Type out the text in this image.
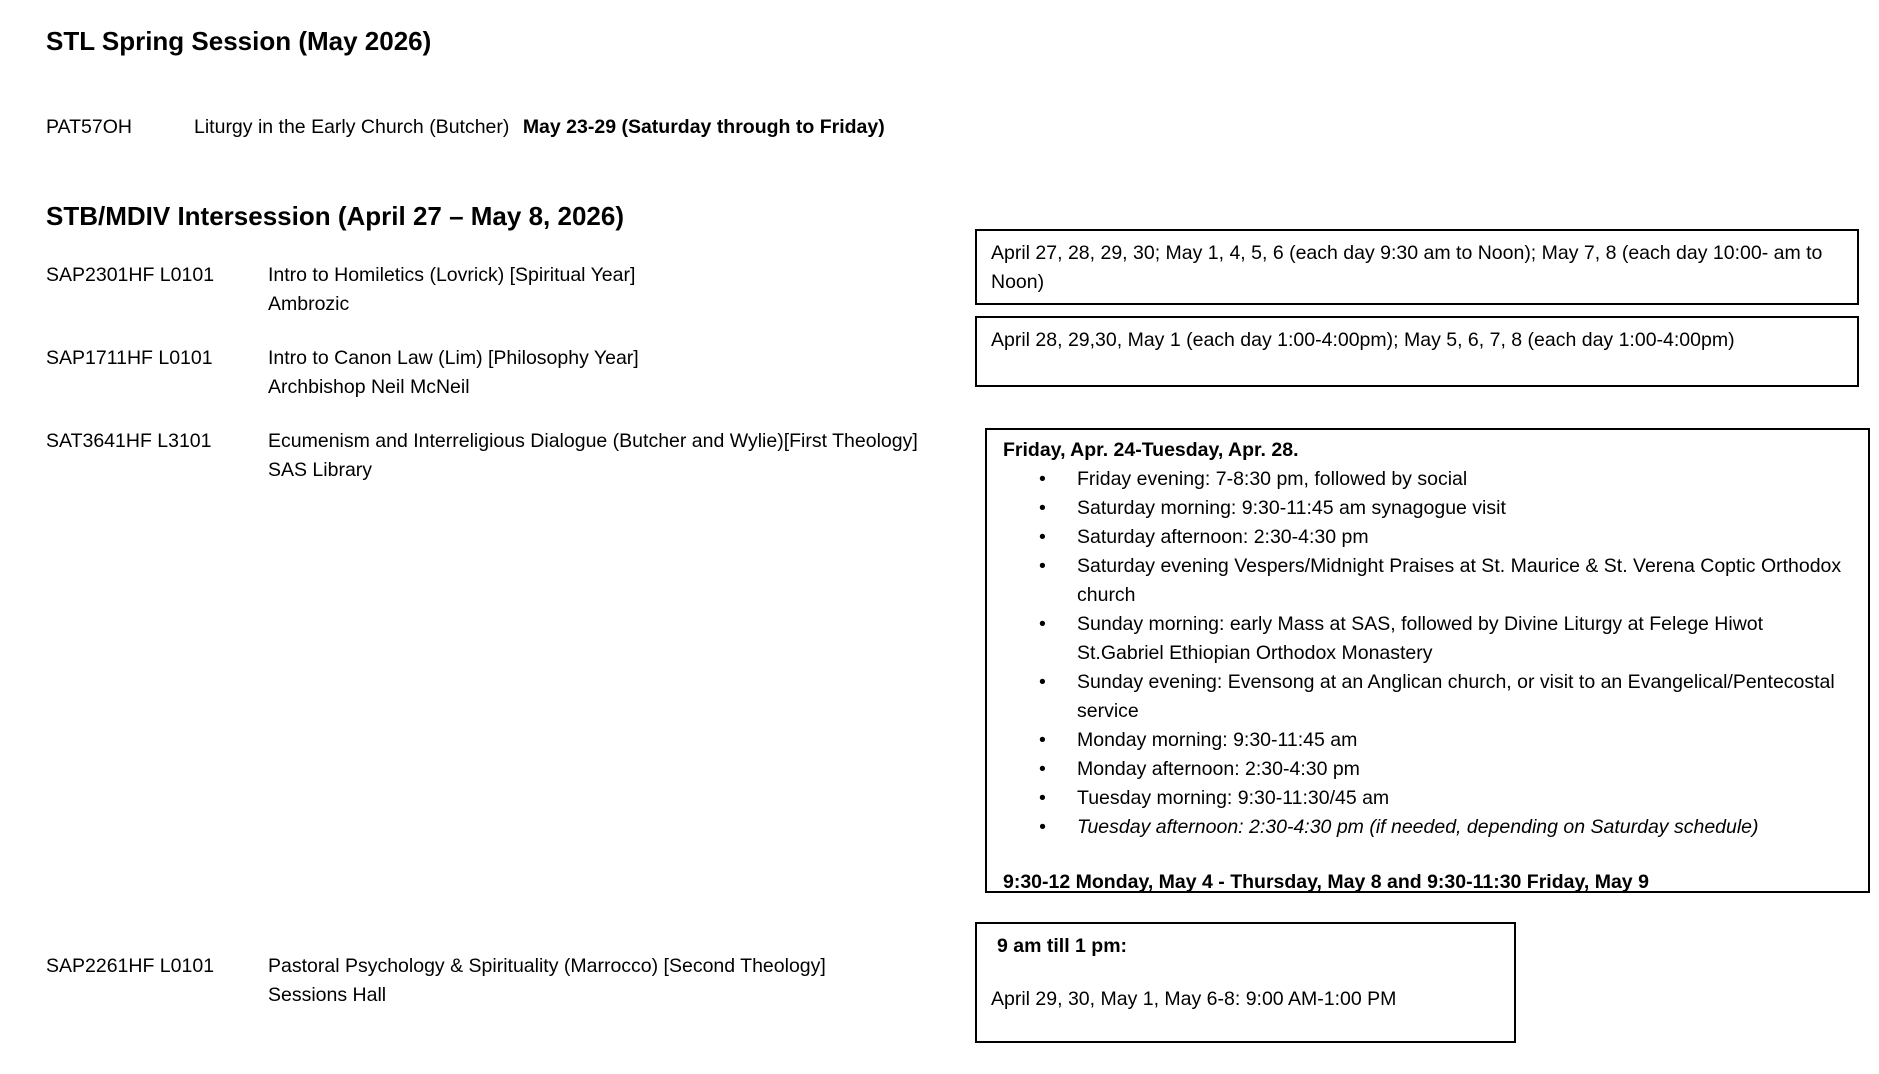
STL Spring Session (May 2026)
PAT57OH	Liturgy in the Early Church (Butcher) May 23-29 (Saturday through to Friday)
STB/MDIV Intersession (April 27 – May 8, 2026)
SAP2301HF L0101	Intro to Homiletics (Lovrick) [Spiritual Year]
Ambrozic
April 27, 28, 29, 30; May 1, 4, 5, 6 (each day 9:30 am to Noon); May 7, 8 (each day 10:00- am to Noon)
SAP1711HF L0101	Intro to Canon Law (Lim) [Philosophy Year]
Archbishop Neil McNeil
April 28, 29,30, May 1 (each day 1:00-4:00pm); May 5, 6, 7, 8 (each day 1:00-4:00pm)
SAT3641HF L3101	Ecumenism and Interreligious Dialogue (Butcher and Wylie)[First Theology]
SAS Library
Friday, Apr. 24-Tuesday, Apr. 28.
• Friday evening: 7-8:30 pm, followed by social
• Saturday morning: 9:30-11:45 am synagogue visit
• Saturday afternoon: 2:30-4:30 pm
• Saturday evening Vespers/Midnight Praises at St. Maurice & St. Verena Coptic Orthodox church
• Sunday morning: early Mass at SAS, followed by Divine Liturgy at Felege Hiwot St.Gabriel Ethiopian Orthodox Monastery
• Sunday evening: Evensong at an Anglican church, or visit to an Evangelical/Pentecostal service
• Monday morning: 9:30-11:45 am
• Monday afternoon: 2:30-4:30 pm
• Tuesday morning: 9:30-11:30/45 am
• Tuesday afternoon: 2:30-4:30 pm (if needed, depending on Saturday schedule)
9:30-12 Monday, May 4 - Thursday, May 8 and 9:30-11:30 Friday, May 9
SAP2261HF L0101	Pastoral Psychology & Spirituality (Marrocco) [Second Theology]
Sessions Hall
9 am till 1 pm:
April 29, 30, May 1, May 6-8: 9:00 AM-1:00 PM
